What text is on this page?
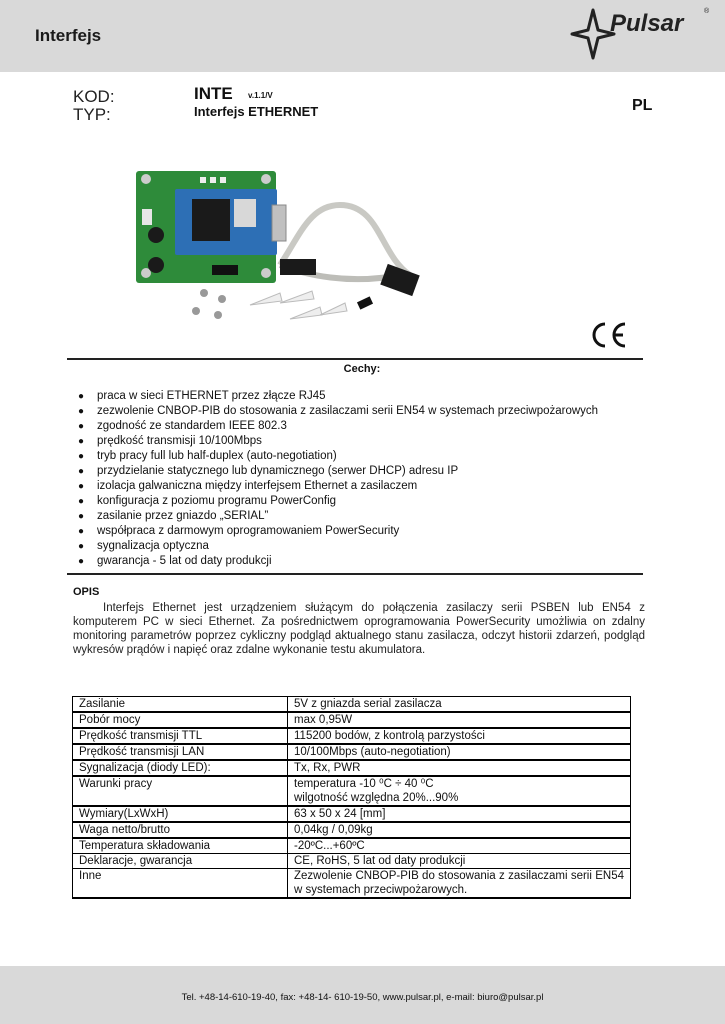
Interfejs	Pulsar	®
KOD:
TYP:
INTE v.1.1/V
Interfejs ETHERNET	PL
Cechy:
● praca w sieci ETHERNET przez złącze RJ45
● zezwolenie CNBOP-PIB do stosowania z zasilaczami serii EN54 w systemach przeciwpożarowych
● zgodność ze standardem IEEE 802.3
● prędkość transmisji 10/100Mbps
● tryb pracy full lub half-duplex (auto-negotiation)
● przydzielanie statycznego lub dynamicznego (serwer DHCP) adresu IP
● izolacja galwaniczna między interfejsem Ethernet a zasilaczem
● konfiguracja z poziomu programu PowerConfig
● zasilanie przez gniazdo „SERIAL”
● współpraca z darmowym oprogramowaniem PowerSecurity
● sygnalizacja optyczna
● gwarancja - 5 lat od daty produkcji
OPIS

Interfejs Ethernet jest urządzeniem służącym do połączenia zasilaczy serii PSBEN lub EN54 z komputerem PC w sieci Ethernet. Za pośrednictwem oprogramowania PowerSecurity umożliwia on zdalny monitoring parametrów poprzez cykliczny podgląd aktualnego stanu zasilacza, odczyt historii zdarzeń, podgląd wykresów prądów i napięć oraz zdalne wykonanie testu akumulatora.

Zasilanie	5V z gniazda serial zasilacza
Pobór mocy	max 0,95W
Prędkość transmisji TTL	115200 bodów, z kontrolą parzystości
Prędkość transmisji LAN	10/100Mbps (auto-negotiation)
Sygnalizacja (diody LED):	Tx, Rx, PWR
Warunki pracy	temperatura -10 ⁰C ÷ 40 ⁰C
wilgotność względna 20%...90%

Wymiary(LxWxH)	63 x 50 x 24 [mm]
Waga netto/brutto	0,04kg / 0,09kg
Temperatura składowania	-20ºC...+60ºC
Deklaracje, gwarancja	CE, RoHS, 5 lat od daty produkcji
Inne	Zezwolenie CNBOP-PIB do stosowania z zasilaczami serii EN54 w systemach przeciwpożarowych.
Tel. +48-14-610-19-40, fax: +48-14- 610-19-50, www.pulsar.pl, e-mail: biuro@pulsar.pl
